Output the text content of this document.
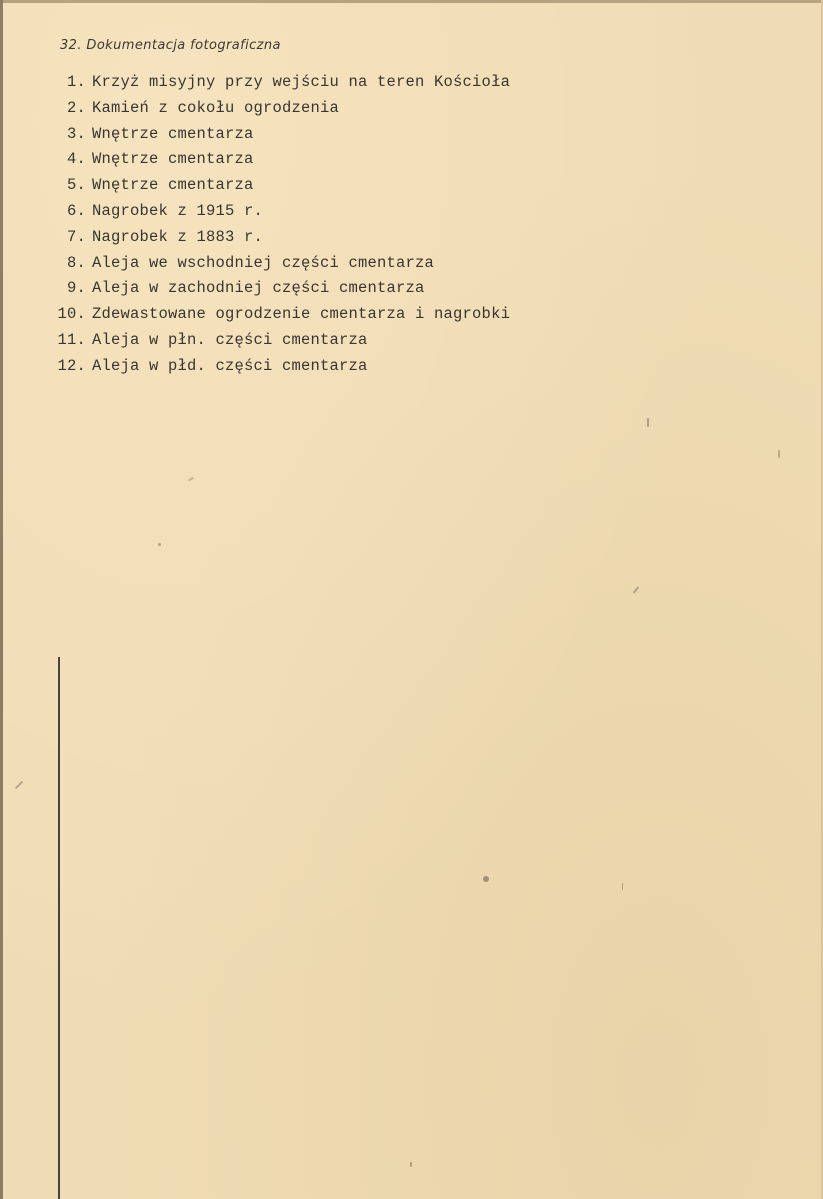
32. Dokumentacja fotograficzna
1. Krzyż misyjny przy wejściu na teren Kościoła
2. Kamień z cokołu ogrodzenia
3. Wnętrze cmentarza
4. Wnętrze cmentarza
5. Wnętrze cmentarza
6. Nagrobek z 1915 r.
7. Nagrobek z 1883 r.
8. Aleja we wschodniej części cmentarza
9. Aleja w zachodniej części cmentarza
10. Zdewastowane ogrodzenie cmentarza i nagrobki
11. Aleja w płn. części cmentarza
12. Aleja w płd. części cmentarza
